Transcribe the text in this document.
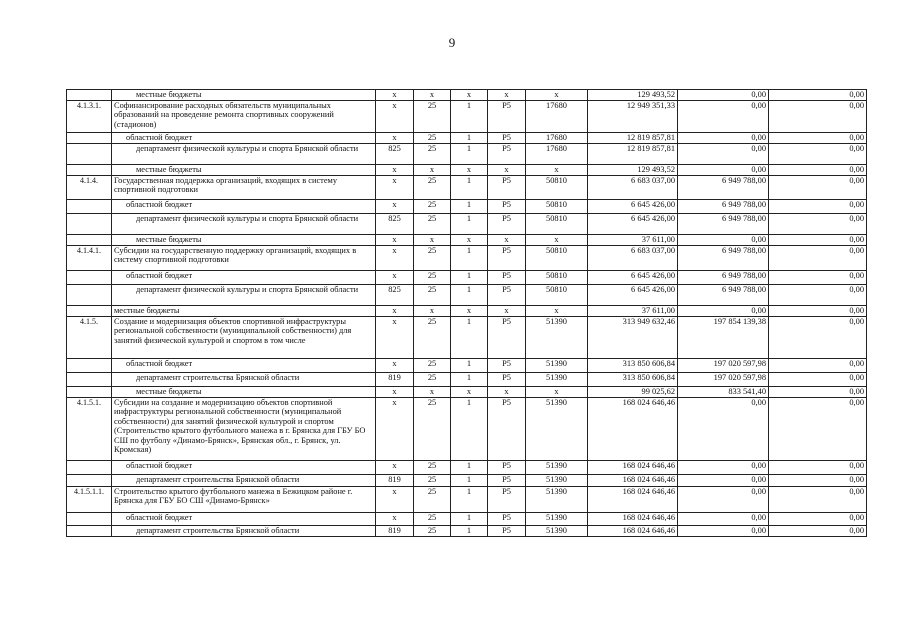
9
	местные бюджеты	х	х	х	х	х	129 493,52	0,00	0,00
4.1.3.1.	Софинансирование расходных обязательств муниципальных образований на проведение ремонта спортивных сооружений (стадионов)	х	25	1	Р5	17680	12 949 351,33	0,00	0,00
	областной бюджет	х	25	1	Р5	17680	12 819 857,81	0,00	0,00
	департамент физической культуры и спорта Брянской области	825	25	1	Р5	17680	12 819 857,81	0,00	0,00
	местные бюджеты	х	х	х	х	х	129 493,52	0,00	0,00
4.1.4.	Государственная поддержка организаций, входящих в систему спортивной подготовки	х	25	1	Р5	50810	6 683 037,00	6 949 788,00	0,00
	областной бюджет	х	25	1	Р5	50810	6 645 426,00	6 949 788,00	0,00
	департамент физической культуры и спорта Брянской области	825	25	1	Р5	50810	6 645 426,00	6 949 788,00	0,00
	местные бюджеты	х	х	х	х	х	37 611,00	0,00	0,00
4.1.4.1.	Субсидии на государственную поддержку организаций, входящих в систему спортивной подготовки	х	25	1	Р5	50810	6 683 037,00	6 949 788,00	0,00
	областной бюджет	х	25	1	Р5	50810	6 645 426,00	6 949 788,00	0,00
	департамент физической культуры и спорта Брянской области	825	25	1	Р5	50810	6 645 426,00	6 949 788,00	0,00
	местные бюджеты	х	х	х	х	х	37 611,00	0,00	0,00
4.1.5.	Создание и модернизация объектов спортивной инфраструктуры региональной собственности (муниципальной собственности) для занятий физической культурой и спортом в том числе	х	25	1	Р5	51390	313 949 632,46	197 854 139,38	0,00
	областной бюджет	х	25	1	Р5	51390	313 850 606,84	197 020 597,98	0,00
	департамент строительства Брянской области	819	25	1	Р5	51390	313 850 606,84	197 020 597,98	0,00
	местные бюджеты	х	х	х	х	х	99 025,62	833 541,40	0,00
4.1.5.1.	Субсидии на создание и модернизацию объектов спортивной инфраструктуры региональной собственности (муниципальной собственности) для занятий физической культурой и спортом (Строительство крытого футбольного манежа в г. Брянска для ГБУ БО СШ по футболу «Динамо-Брянск», Брянская обл., г. Брянск, ул. Кромская)	х	25	1	Р5	51390	168 024 646,46	0,00	0,00
	областной бюджет	х	25	1	Р5	51390	168 024 646,46	0,00	0,00
	департамент строительства Брянской области	819	25	1	Р5	51390	168 024 646,46	0,00	0,00
4.1.5.1.1.	Строительство крытого футбольного манежа в Бежицком районе г. Брянска для ГБУ БО СШ «Динамо-Брянск»	х	25	1	Р5	51390	168 024 646,46	0,00	0,00
	областной бюджет	х	25	1	Р5	51390	168 024 646,46	0,00	0,00
	департамент строительства Брянской области	819	25	1	Р5	51390	168 024 646,46	0,00	0,00
